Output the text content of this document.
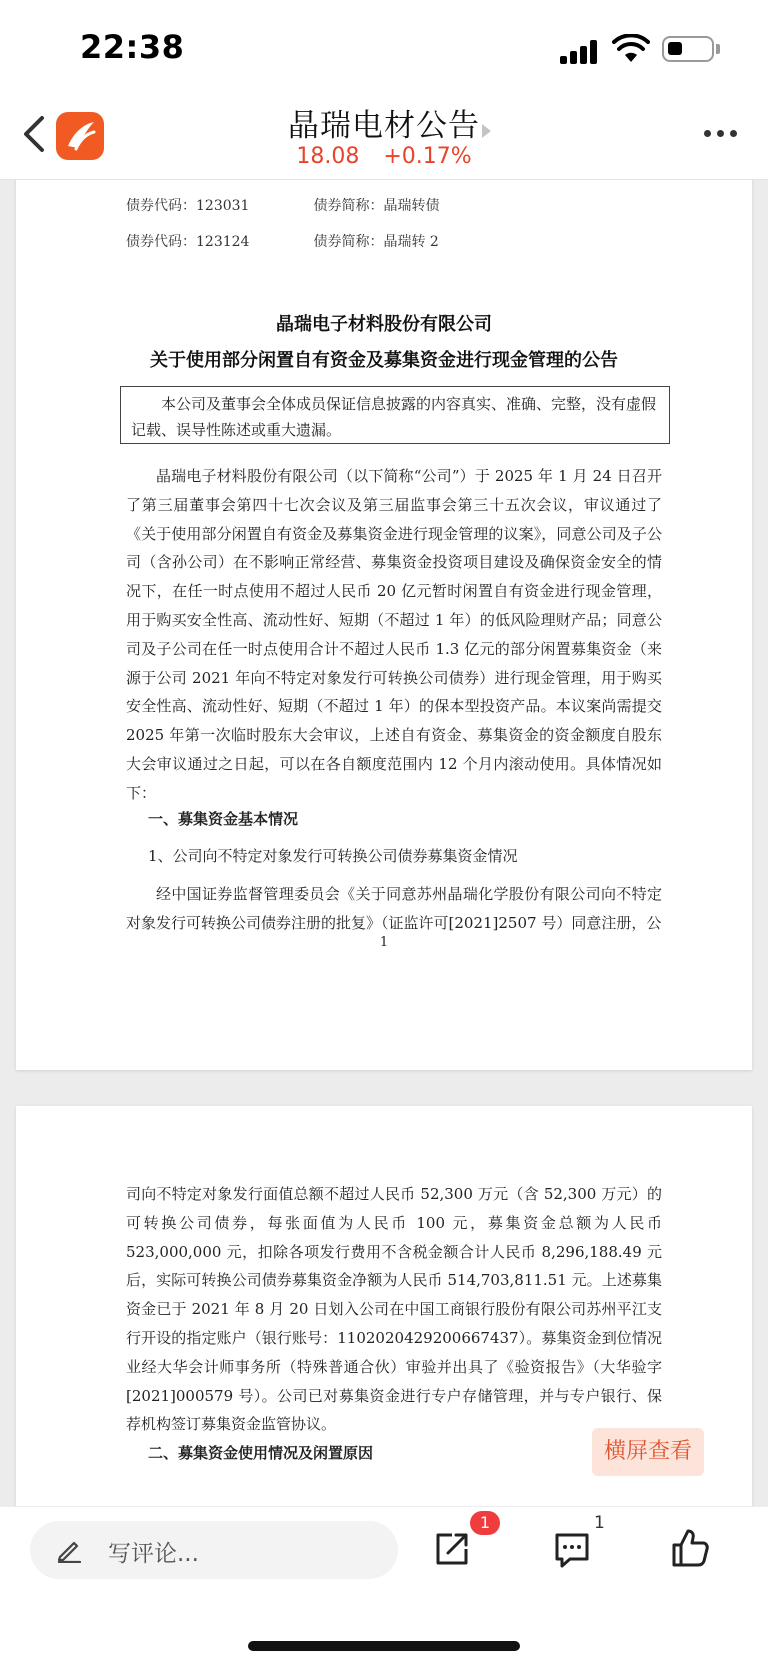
22:38
晶瑞电材公告
18.08 +0.17%
债券代码：123031	债券简称：晶瑞转债
债券代码：123124	债券简称：晶瑞转 2
晶瑞电子材料股份有限公司
关于使用部分闲置自有资金及募集资金进行现金管理的公告
本公司及董事会全体成员保证信息披露的内容真实、准确、完整，没有虚假记载、误导性陈述或重大遗漏。
晶瑞电子材料股份有限公司（以下简称“公司”）于 2025 年 1 月 24 日召开了第三届董事会第四十七次会议及第三届监事会第三十五次会议，审议通过了《关于使用部分闲置自有资金及募集资金进行现金管理的议案》，同意公司及子公司（含孙公司）在不影响正常经营、募集资金投资项目建设及确保资金安全的情况下，在任一时点使用不超过人民币 20 亿元暂时闲置自有资金进行现金管理，用于购买安全性高、流动性好、短期（不超过 1 年）的低风险理财产品；同意公司及子公司在任一时点使用合计不超过人民币 1.3 亿元的部分闲置募集资金（来源于公司 2021 年向不特定对象发行可转换公司债券）进行现金管理，用于购买安全性高、流动性好、短期（不超过 1 年）的保本型投资产品。本议案尚需提交 2025 年第一次临时股东大会审议，上述自有资金、募集资金的资金额度自股东大会审议通过之日起，可以在各自额度范围内 12 个月内滚动使用。具体情况如下：
一、募集资金基本情况
1、公司向不特定对象发行可转换公司债券募集资金情况
经中国证券监督管理委员会《关于同意苏州晶瑞化学股份有限公司向不特定对象发行可转换公司债券注册的批复》（证监许可[2021]2507 号）同意注册，公
1
司向不特定对象发行面值总额不超过人民币 52,300 万元（含 52,300 万元）的可转换公司债券，每张面值为人民币 100 元，募集资金总额为人民币 523,000,000 元，扣除各项发行费用不含税金额合计人民币 8,296,188.49 元后，实际可转换公司债券募集资金净额为人民币 514,703,811.51 元。上述募集资金已于 2021 年 8 月 20 日划入公司在中国工商银行股份有限公司苏州平江支行开设的指定账户（银行账号：1102020429200667437）。募集资金到位情况业经大华会计师事务所（特殊普通合伙）审验并出具了《验资报告》（大华验字[2021]000579 号）。公司已对募集资金进行专户存储管理，并与专户银行、保荐机构签订募集资金监管协议。
二、募集资金使用情况及闲置原因	横屏查看
写评论...
1	1
